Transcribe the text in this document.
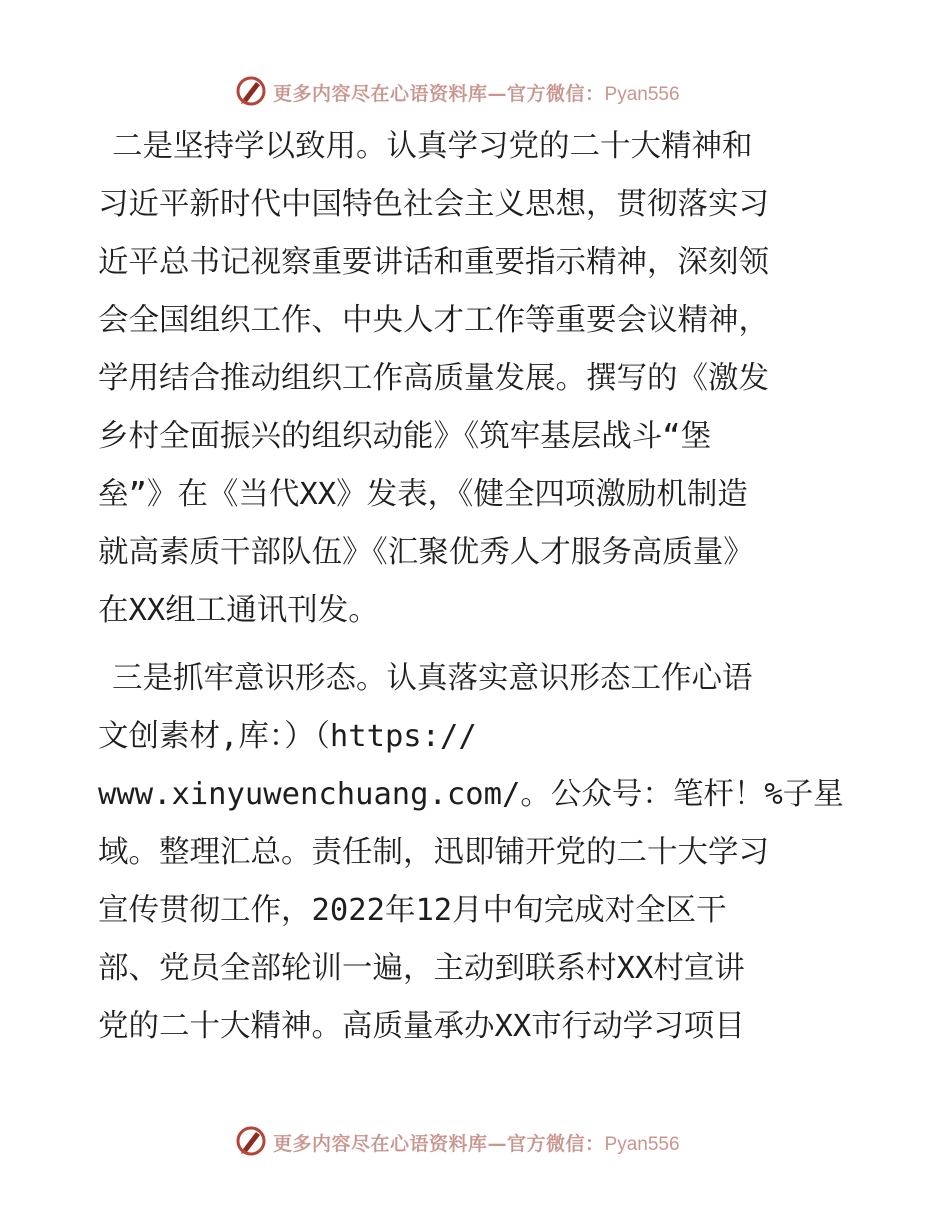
更多内容尽在心语资料库—官方微信：Pyan556
二是坚持学以致用。认真学习党的二十大精神和
习近平新时代中国特色社会主义思想，贯彻落实习
近平总书记视察重要讲话和重要指示精神，深刻领
会全国组织工作、中央人才工作等重要会议精神，
学用结合推动组织工作高质量发展。撰写的《激发
乡村全面振兴的组织动能》《筑牢基层战斗“堡
垒”》在《当代XX》发表，《健全四项激励机制造
就高素质干部队伍》《汇聚优秀人才服务高质量》
在XX组工通讯刊发。
三是抓牢意识形态。认真落实意识形态工作心语
文创素材,库：）（https://
www.xinyuwenchuang.com/。公众号：笔杆！%子星
域。整理汇总。责任制，迅即铺开党的二十大学习
宣传贯彻工作，2022年12月中旬完成对全区干
部、党员全部轮训一遍，主动到联系村XX村宣讲
党的二十大精神。高质量承办XX市行动学习项目
更多内容尽在心语资料库—官方微信：Pyan556
